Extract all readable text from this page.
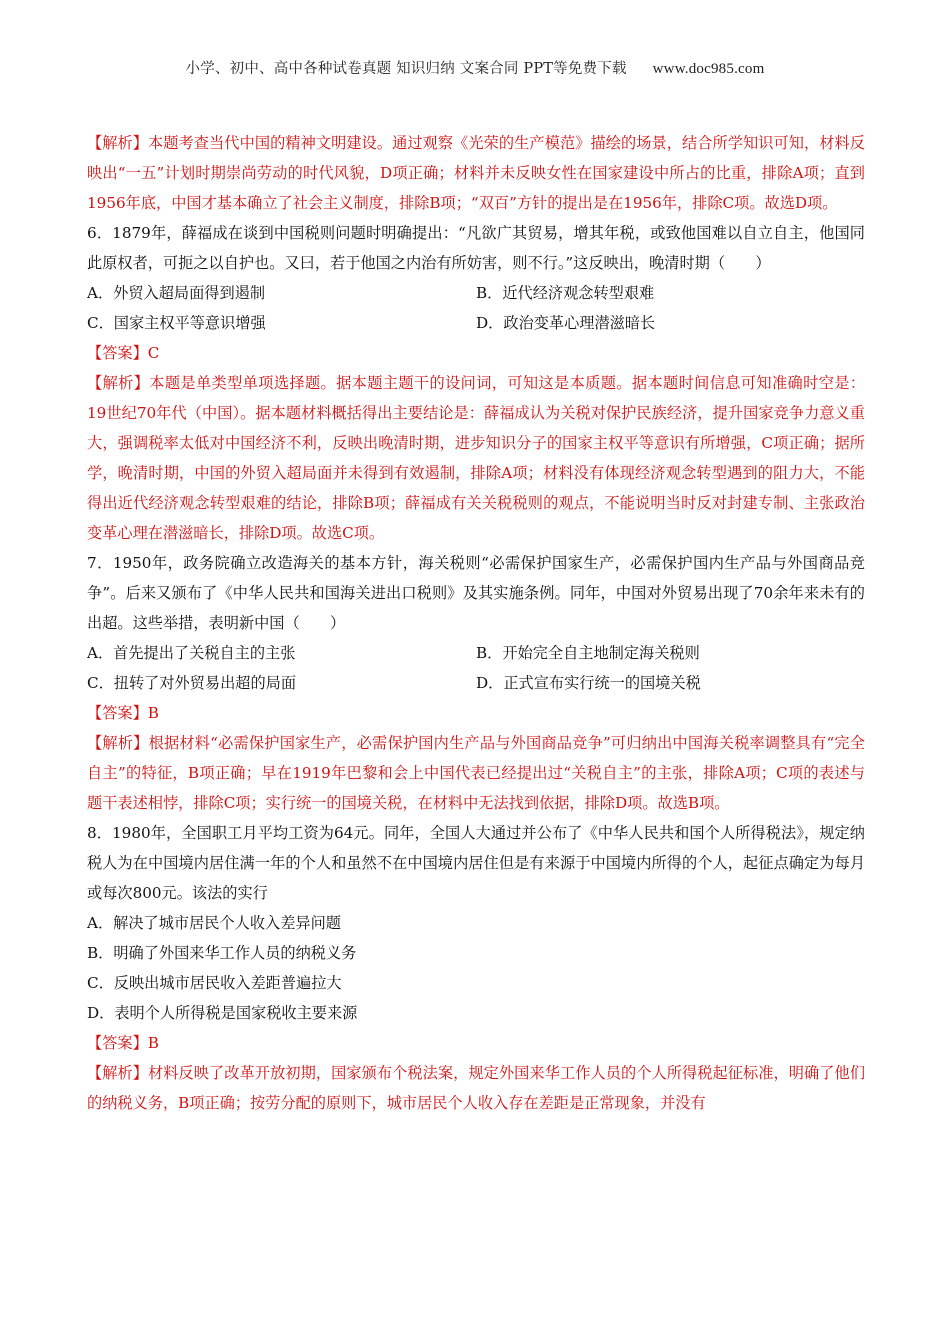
小学、初中、高中各种试卷真题 知识归纳 文案合同 PPT等免费下载 www.doc985.com

【解析】本题考查当代中国的精神文明建设。通过观察《光荣的生产模范》描绘的场景，结合所学知识可知，材料反映出“一五”计划时期崇尚劳动的时代风貌，D项正确；材料并未反映女性在国家建设中所占的比重，排除A项；直到1956年底，中国才基本确立了社会主义制度，排除B项；“双百”方针的提出是在1956年，排除C项。故选D项。

6．1879年，薛福成在谈到中国税则问题时明确提出：“凡欲广其贸易，增其年税，或致他国难以自立自主，他国同此原权者，可扼之以自护也。又曰，若于他国之内治有所妨害，则不行。”这反映出，晚清时期（　　）

A．外贸入超局面得到遏制	B．近代经济观念转型艰难
C．国家主权平等意识增强	D．政治变革心理潜滋暗长

【答案】C

【解析】本题是单类型单项选择题。据本题主题干的设问词，可知这是本质题。据本题时间信息可知准确时空是：19世纪70年代（中国）。据本题材料概括得出主要结论是：薛福成认为关税对保护民族经济，提升国家竞争力意义重大，强调税率太低对中国经济不利，反映出晚清时期，进步知识分子的国家主权平等意识有所增强，C项正确；据所学，晚清时期，中国的外贸入超局面并未得到有效遏制，排除A项；材料没有体现经济观念转型遇到的阻力大，不能得出近代经济观念转型艰难的结论，排除B项；薛福成有关关税税则的观点，不能说明当时反对封建专制、主张政治变革心理在潜滋暗长，排除D项。故选C项。

7．1950年，政务院确立改造海关的基本方针，海关税则“必需保护国家生产，必需保护国内生产品与外国商品竞争”。后来又颁布了《中华人民共和国海关进出口税则》及其实施条例。同年，中国对外贸易出现了70余年来未有的出超。这些举措，表明新中国（　　）

A．首先提出了关税自主的主张	B．开始完全自主地制定海关税则
C．扭转了对外贸易出超的局面	D．正式宣布实行统一的国境关税

【答案】B

【解析】根据材料“必需保护国家生产，必需保护国内生产品与外国商品竞争”可归纳出中国海关税率调整具有“完全自主”的特征，B项正确；早在1919年巴黎和会上中国代表已经提出过“关税自主”的主张，排除A项；C项的表述与题干表述相悖，排除C项；实行统一的国境关税，在材料中无法找到依据，排除D项。故选B项。

8．1980年，全国职工月平均工资为64元。同年，全国人大通过并公布了《中华人民共和国个人所得税法》，规定纳税人为在中国境内居住满一年的个人和虽然不在中国境内居住但是有来源于中国境内所得的个人，起征点确定为每月或每次800元。该法的实行

A．解决了城市居民个人收入差异问题
B．明确了外国来华工作人员的纳税义务
C．反映出城市居民收入差距普遍拉大
D．表明个人所得税是国家税收主要来源

【答案】B

【解析】材料反映了改革开放初期，国家颁布个税法案，规定外国来华工作人员的个人所得税起征标准，明确了他们的纳税义务，B项正确；按劳分配的原则下，城市居民个人收入存在差距是正常现象，并没有
